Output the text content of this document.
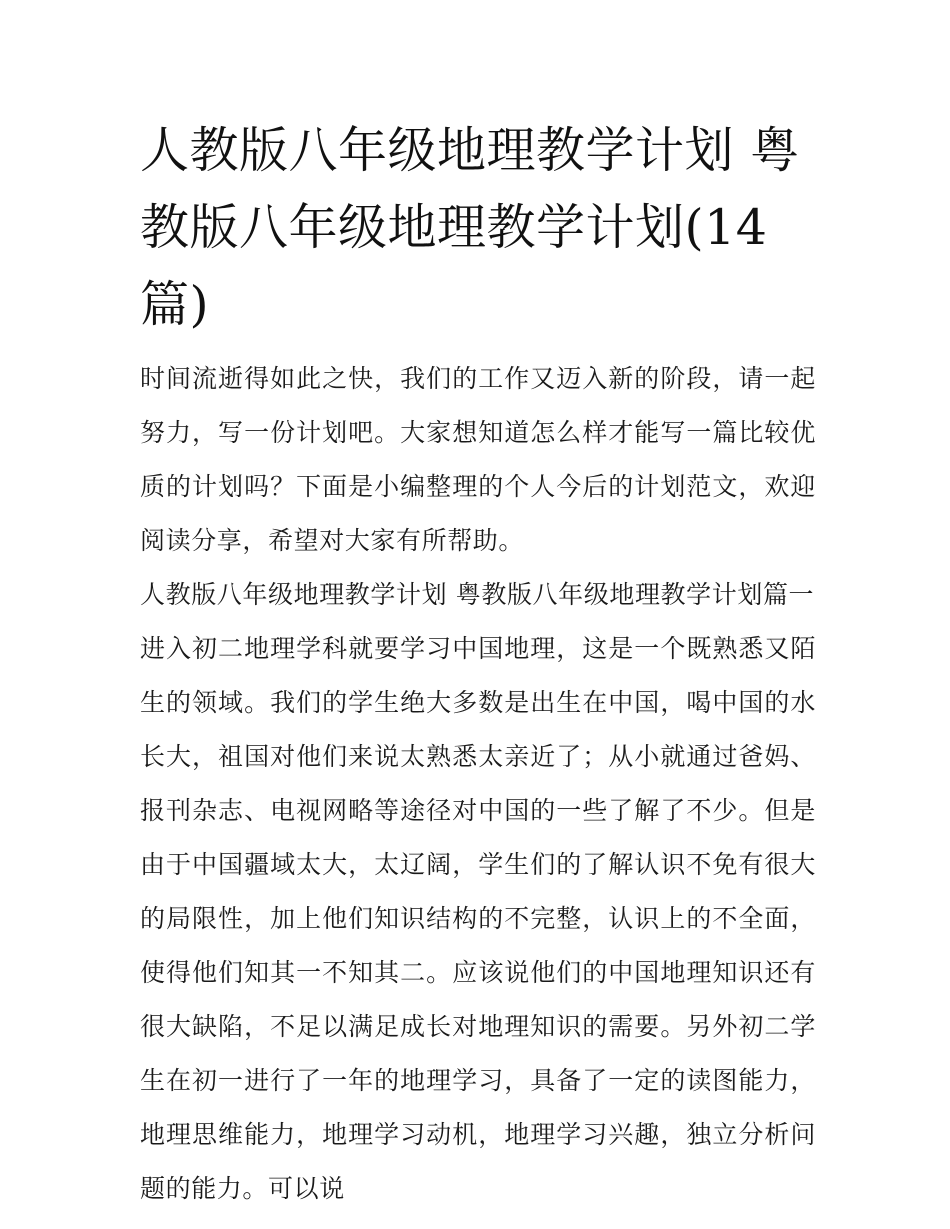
人教版八年级地理教学计划 粤教版八年级地理教学计划(14篇)

时间流逝得如此之快，我们的工作又迈入新的阶段，请一起努力，写一份计划吧。大家想知道怎么样才能写一篇比较优质的计划吗？下面是小编整理的个人今后的计划范文，欢迎阅读分享，希望对大家有所帮助。

人教版八年级地理教学计划 粤教版八年级地理教学计划篇一

进入初二地理学科就要学习中国地理，这是一个既熟悉又陌生的领域。我们的学生绝大多数是出生在中国，喝中国的水长大，祖国对他们来说太熟悉太亲近了；从小就通过爸妈、报刊杂志、电视网略等途径对中国的一些了解了不少。但是由于中国疆域太大，太辽阔，学生们的了解认识不免有很大的局限性，加上他们知识结构的不完整，认识上的不全面，使得他们知其一不知其二。应该说他们的中国地理知识还有很大缺陷，不足以满足成长对地理知识的需要。另外初二学生在初一进行了一年的地理学习，具备了一定的读图能力，地理思维能力，地理学习动机，地理学习兴趣，独立分析问题的能力。可以说
